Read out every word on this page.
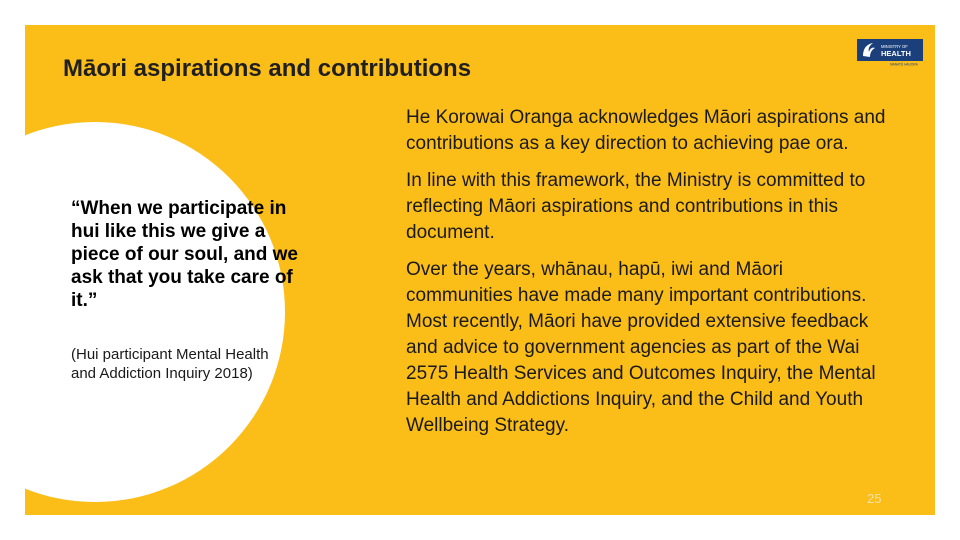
Māori aspirations and contributions
MINISTRY OF
HEALTH
MANATŪ HAUORA
“When we participate in hui like this we give a piece of our soul, and we ask that you take care of it.”
(Hui participant Mental Health and Addiction Inquiry 2018)

He Korowai Oranga acknowledges Māori aspirations and contributions as a key direction to achieving pae ora.

In line with this framework, the Ministry is committed to reflecting Māori aspirations and contributions in this document.

Over the years, whānau, hapū, iwi and Māori communities have made many important contributions. Most recently, Māori have provided extensive feedback and advice to government agencies as part of the Wai 2575 Health Services and Outcomes Inquiry, the Mental Health and Addictions Inquiry, and the Child and Youth Wellbeing Strategy.

25
